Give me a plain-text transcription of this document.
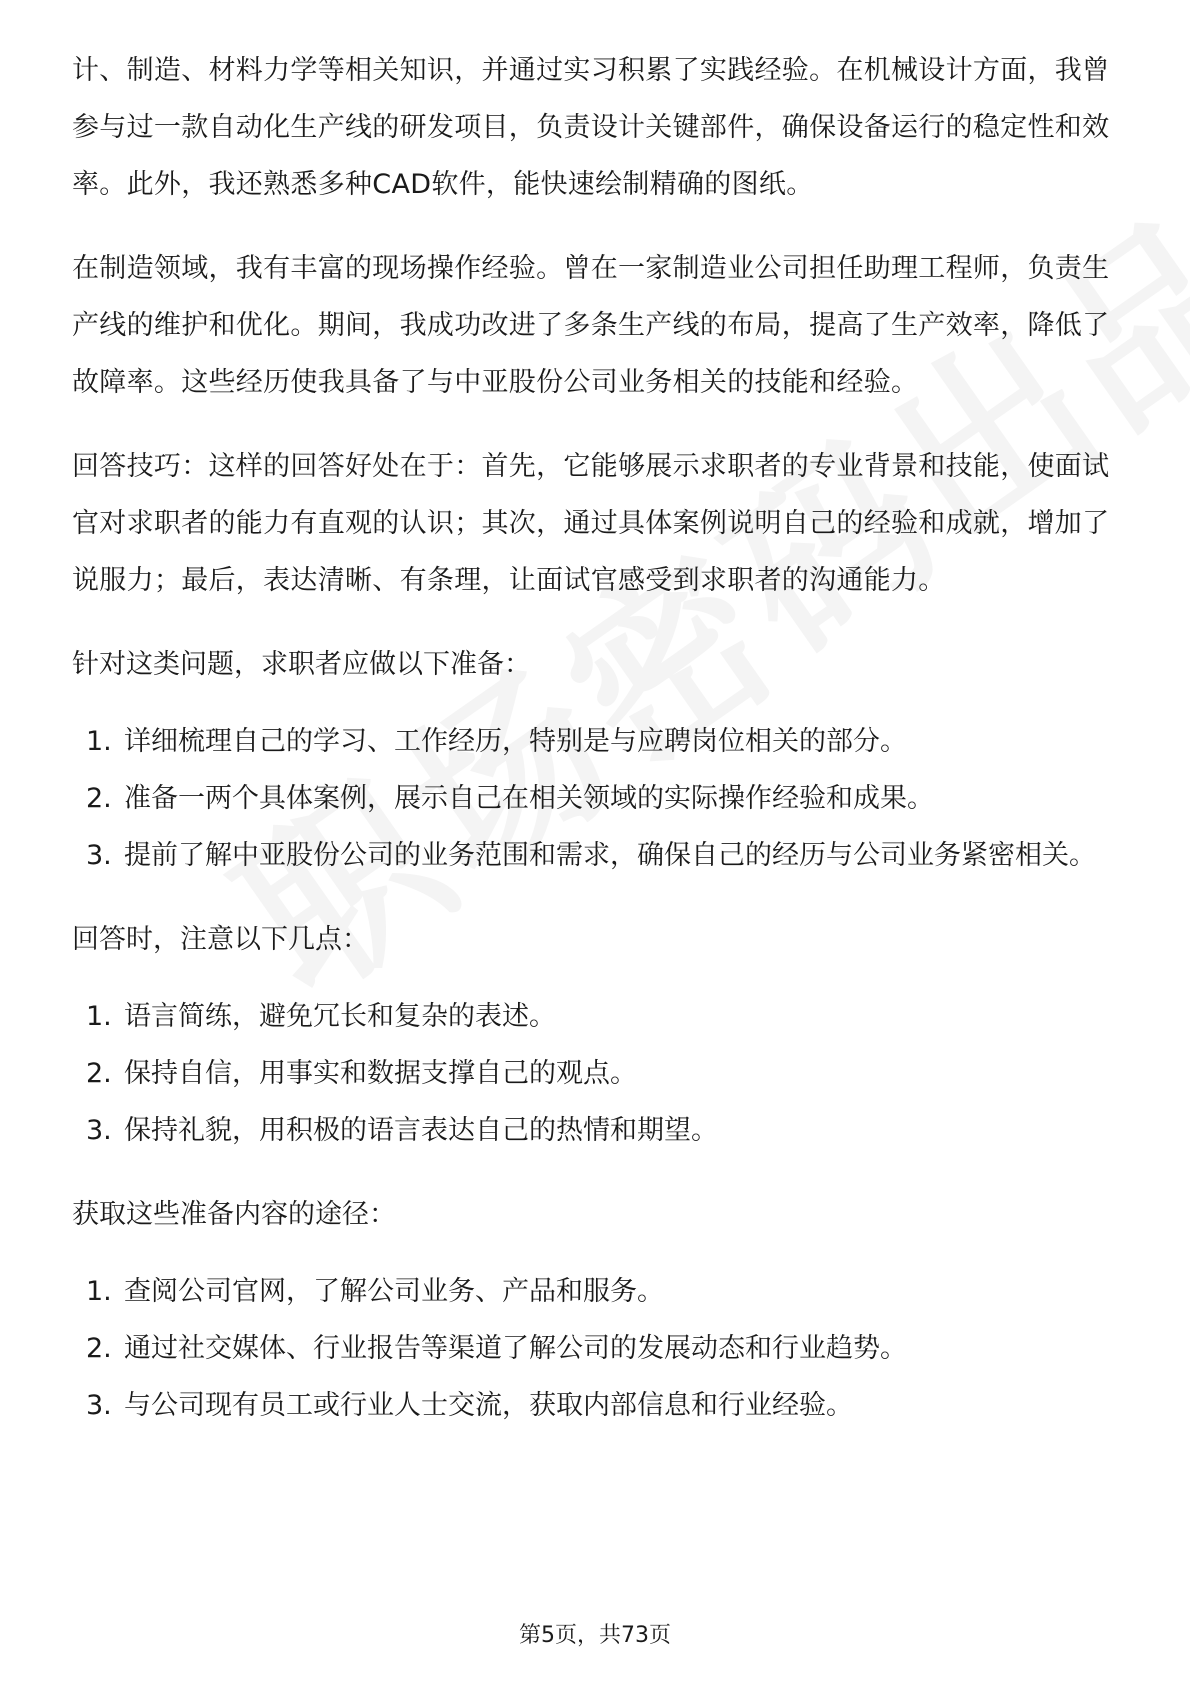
计、制造、材料力学等相关知识，并通过实习积累了实践经验。在机械设计方面，我曾参与过一款自动化生产线的研发项目，负责设计关键部件，确保设备运行的稳定性和效率。此外，我还熟悉多种CAD软件，能快速绘制精确的图纸。

在制造领域，我有丰富的现场操作经验。曾在一家制造业公司担任助理工程师，负责生产线的维护和优化。期间，我成功改进了多条生产线的布局，提高了生产效率，降低了故障率。这些经历使我具备了与中亚股份公司业务相关的技能和经验。

回答技巧：这样的回答好处在于：首先，它能够展示求职者的专业背景和技能，使面试官对求职者的能力有直观的认识；其次，通过具体案例说明自己的经验和成就，增加了说服力；最后，表达清晰、有条理，让面试官感受到求职者的沟通能力。

针对这类问题，求职者应做以下准备：

1. 详细梳理自己的学习、工作经历，特别是与应聘岗位相关的部分。
2. 准备一两个具体案例，展示自己在相关领域的实际操作经验和成果。
3. 提前了解中亚股份公司的业务范围和需求，确保自己的经历与公司业务紧密相关。

回答时，注意以下几点：

1. 语言简练，避免冗长和复杂的表述。
2. 保持自信，用事实和数据支撑自己的观点。
3. 保持礼貌，用积极的语言表达自己的热情和期望。

获取这些准备内容的途径：

1. 查阅公司官网，了解公司业务、产品和服务。
2. 通过社交媒体、行业报告等渠道了解公司的发展动态和行业趋势。
3. 与公司现有员工或行业人士交流，获取内部信息和行业经验。
第5页，共73页
